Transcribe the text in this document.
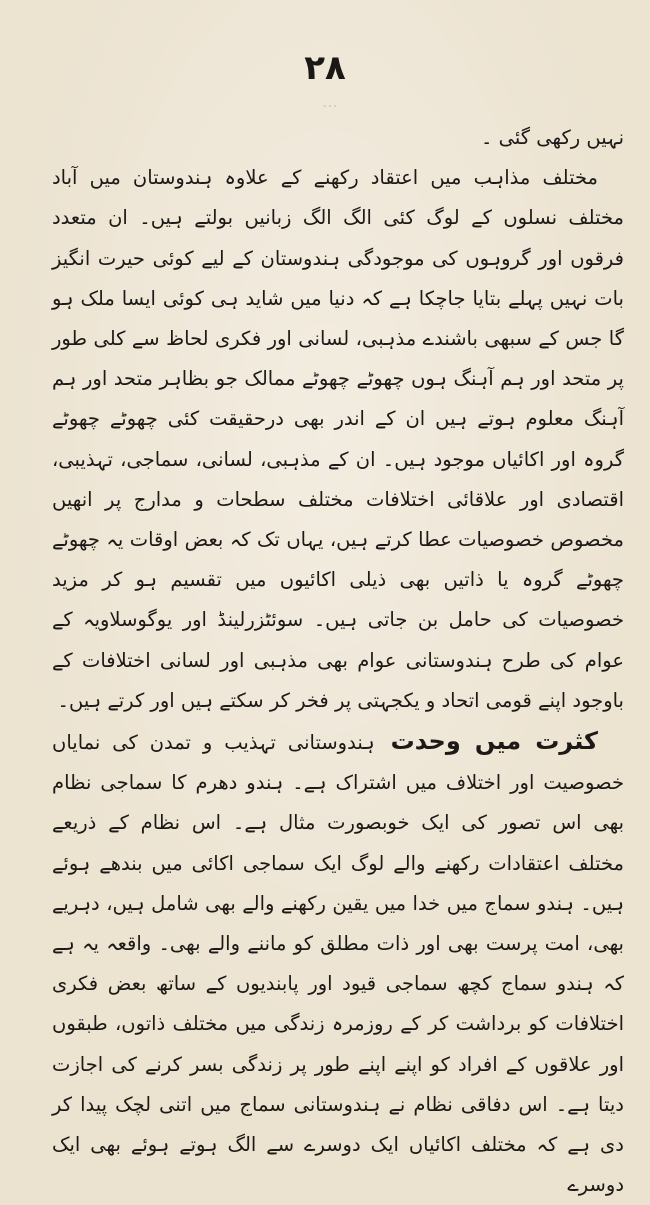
۲۸
…

نہیں رکھی گئی ۔

مختلف مذاہب میں اعتقاد رکھنے کے علاوہ ہندوستان میں آباد مختلف نسلوں کے لوگ کئی الگ الگ زبانیں بولتے ہیں۔ ان متعدد فرقوں اور گروہوں کی موجودگی ہندوستان کے لیے کوئی حیرت انگیز بات نہیں پہلے بتایا جاچکا ہے کہ دنیا میں شاید ہی کوئی ایسا ملک ہو گا جس کے سبھی باشندے مذہبی، لسانی اور فکری لحاظ سے کلی طور پر متحد اور ہم آہنگ ہوں چھوٹے چھوٹے ممالک جو بظاہر متحد اور ہم آہنگ معلوم ہوتے ہیں ان کے اندر بھی درحقیقت کئی چھوٹے چھوٹے گروہ اور اکائیاں موجود ہیں۔ ان کے مذہبی، لسانی، سماجی، تہذیبی، اقتصادی اور علاقائی اختلافات مختلف سطحات و مدارج پر انھیں مخصوص خصوصیات عطا کرتے ہیں، یہاں تک کہ بعض اوقات یہ چھوٹے چھوٹے گروہ یا ذاتیں بھی ذیلی اکائیوں میں تقسیم ہو کر مزید خصوصیات کی حامل بن جاتی ہیں۔ سوئٹزرلینڈ اور یوگوسلاویہ کے عوام کی طرح ہندوستانی عوام بھی مذہبی اور لسانی اختلافات کے باوجود اپنے قومی اتحاد و یکجہتی پر فخر کر سکتے ہیں اور کرتے ہیں۔

کثرت میں وحدت ہندوستانی تہذیب و تمدن کی نمایاں خصوصیت اور اختلاف میں اشتراک ہے۔ ہندو دھرم کا سماجی نظام بھی اس تصور کی ایک خوبصورت مثال ہے۔ اس نظام کے ذریعے مختلف اعتقادات رکھنے والے لوگ ایک سماجی اکائی میں بندھے ہوئے ہیں۔ ہندو سماج میں خدا میں یقین رکھنے والے بھی شامل ہیں، دہریے بھی، امت پرست بھی اور ذات مطلق کو ماننے والے بھی۔ واقعہ یہ ہے کہ ہندو سماج کچھ سماجی قیود اور پابندیوں کے ساتھ بعض فکری اختلافات کو برداشت کر کے روزمرہ زندگی میں مختلف ذاتوں، طبقوں اور علاقوں کے افراد کو اپنے اپنے طور پر زندگی بسر کرنے کی اجازت دیتا ہے۔ اس دفاقی نظام نے ہندوستانی سماج میں اتنی لچک پیدا کر دی ہے کہ مختلف اکائیاں ایک دوسرے سے الگ ہوتے ہوئے بھی ایک دوسرے
